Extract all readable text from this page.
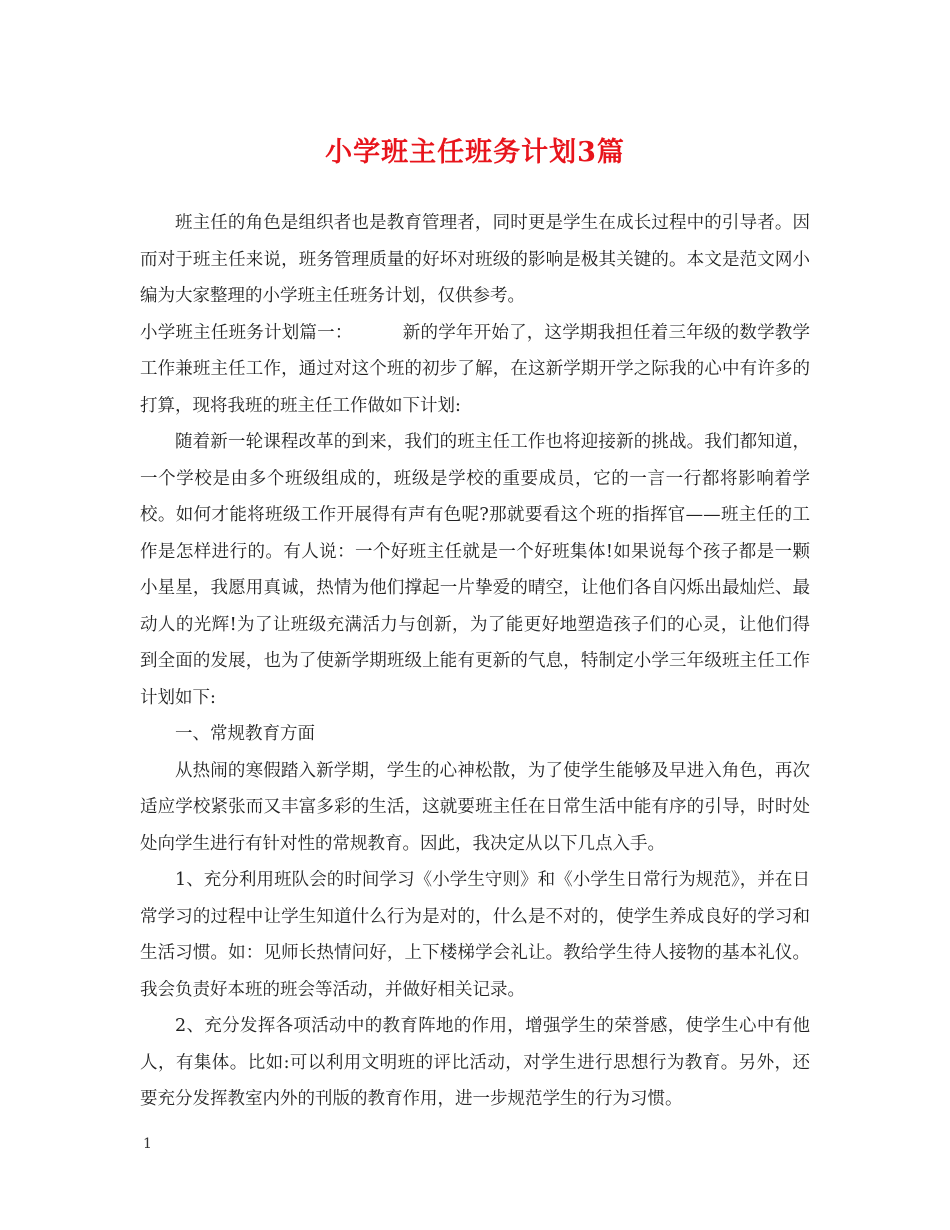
小学班主任班务计划3篇

班主任的角色是组织者也是教育管理者，同时更是学生在成长过程中的引导者。因而对于班主任来说，班务管理质量的好坏对班级的影响是极其关键的。本文是范文网小编为大家整理的小学班主任班务计划，仅供参考。

小学班主任班务计划篇一：	新的学年开始了，这学期我担任着三年级的数学教学工作兼班主任工作，通过对这个班的初步了解，在这新学期开学之际我的心中有许多的打算，现将我班的班主任工作做如下计划:

随着新一轮课程改革的到来，我们的班主任工作也将迎接新的挑战。我们都知道，一个学校是由多个班级组成的，班级是学校的重要成员，它的一言一行都将影响着学校。如何才能将班级工作开展得有声有色呢?那就要看这个班的指挥官——班主任的工作是怎样进行的。有人说：一个好班主任就是一个好班集体!如果说每个孩子都是一颗小星星，我愿用真诚，热情为他们撑起一片挚爱的晴空，让他们各自闪烁出最灿烂、最动人的光辉!为了让班级充满活力与创新，为了能更好地塑造孩子们的心灵，让他们得到全面的发展，也为了使新学期班级上能有更新的气息，特制定小学三年级班主任工作计划如下:

一、常规教育方面

从热闹的寒假踏入新学期，学生的心神松散，为了使学生能够及早进入角色，再次适应学校紧张而又丰富多彩的生活，这就要班主任在日常生活中能有序的引导，时时处处向学生进行有针对性的常规教育。因此，我决定从以下几点入手。

1、充分利用班队会的时间学习《小学生守则》和《小学生日常行为规范》，并在日常学习的过程中让学生知道什么行为是对的，什么是不对的，使学生养成良好的学习和生活习惯。如：见师长热情问好，上下楼梯学会礼让。教给学生待人接物的基本礼仪。我会负责好本班的班会等活动，并做好相关记录。

2、充分发挥各项活动中的教育阵地的作用，增强学生的荣誉感，使学生心中有他人，有集体。比如:可以利用文明班的评比活动，对学生进行思想行为教育。另外，还要充分发挥教室内外的刊版的教育作用，进一步规范学生的行为习惯。

1
